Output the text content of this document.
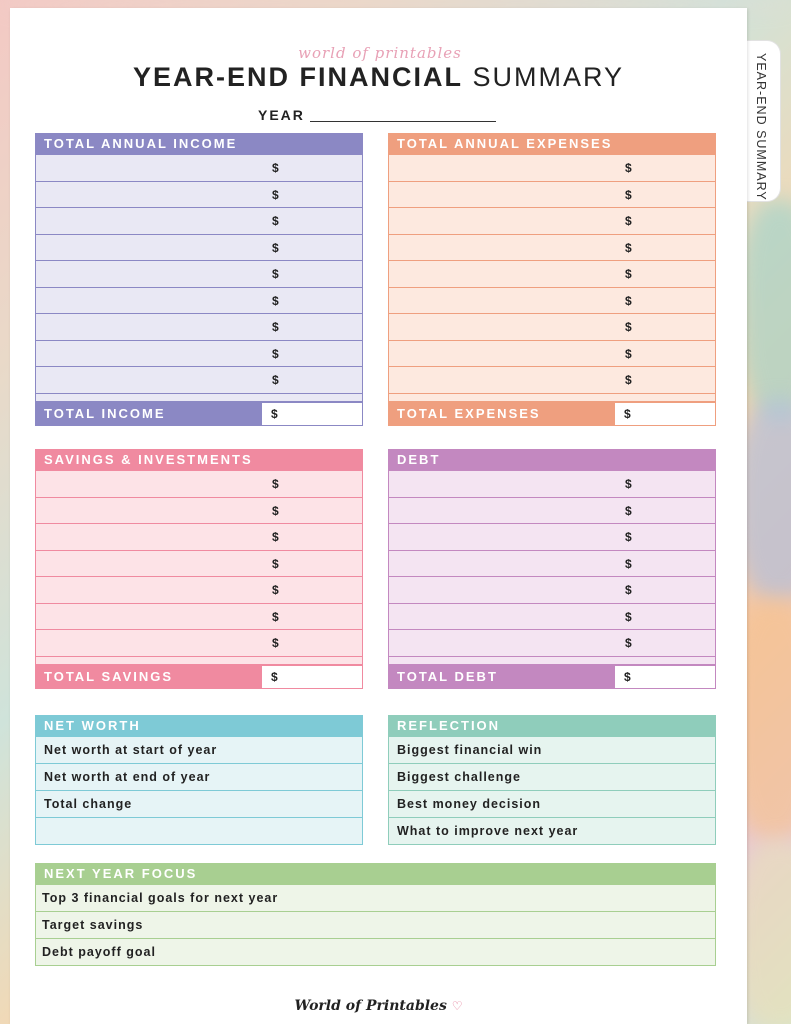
YEAR-END SUMMARY
world of printables
YEAR-END FINANCIAL SUMMARY
YEAR
TOTAL ANNUAL INCOME
$
$
$
$
$
$
$
$
$
TOTAL INCOME	$
TOTAL ANNUAL EXPENSES
$
$
$
$
$
$
$
$
$
TOTAL EXPENSES	$
SAVINGS & INVESTMENTS
$
$
$
$
$
$
$
TOTAL SAVINGS	$
DEBT
$
$
$
$
$
$
$
TOTAL DEBT	$
NET WORTH
Net worth at start of year
Net worth at end of year
Total change
REFLECTION
Biggest financial win
Biggest challenge
Best money decision
What to improve next year
NEXT YEAR FOCUS
Top 3 financial goals for next year
Target savings
Debt payoff goal
World of Printables ♡
